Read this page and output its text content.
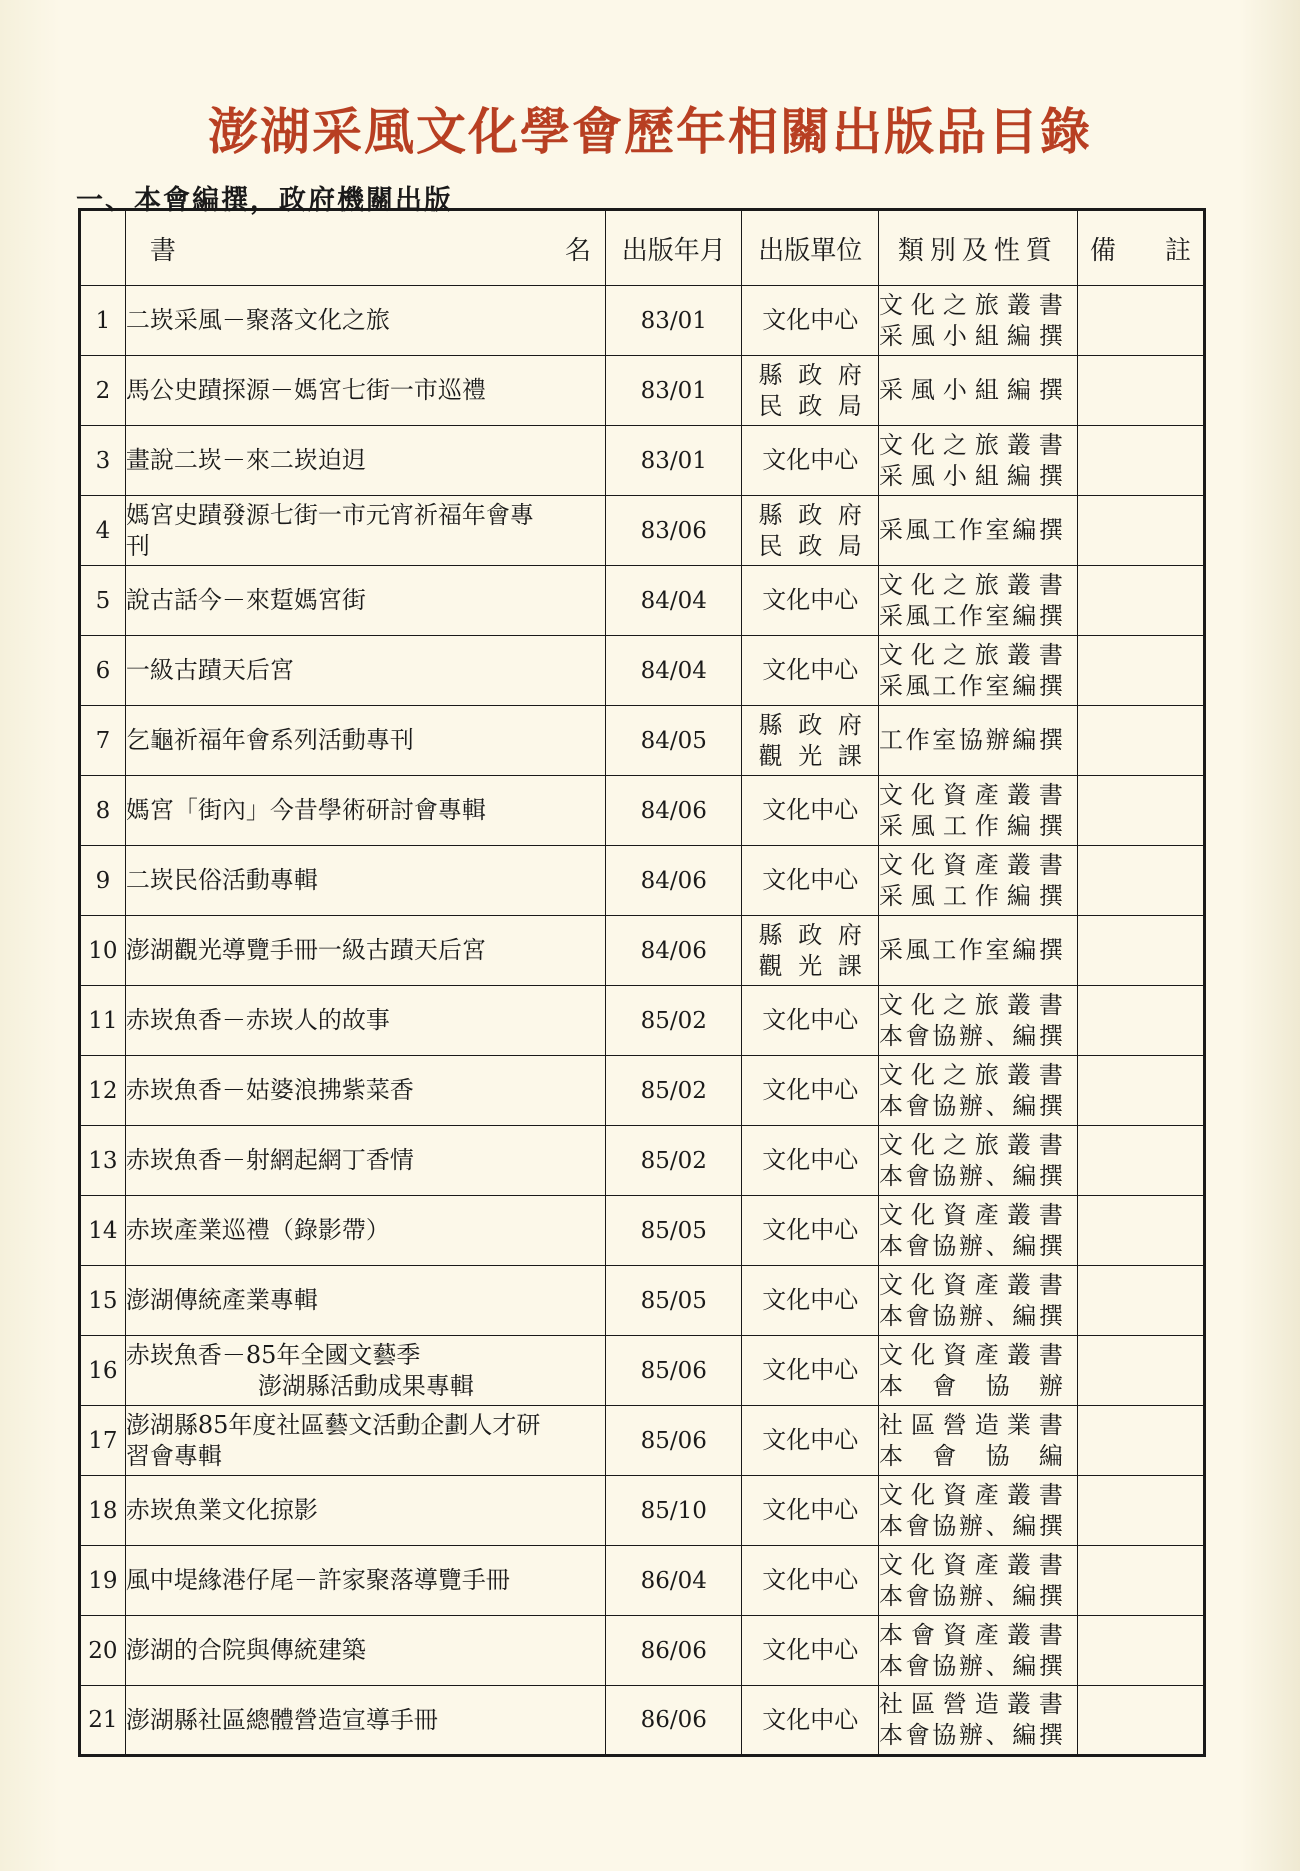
澎湖采風文化學會歷年相關出版品目錄
一、本會編撰，政府機關出版

	書 名	出版年月	出版單位	類別及性質	備 註

1	二崁采風－聚落文化之旅	83/01	文化中心	文化之旅叢書
采風小組編撰	

2	馬公史蹟探源－媽宮七街一市巡禮	83/01	縣政府
民政局	采風小組編撰	

3	畫說二崁－來二崁迫迌	83/01	文化中心	文化之旅叢書
采風小組編撰	

4	媽宮史蹟發源七街一市元宵祈福年會專
刊	83/06	縣政府
民政局	采風工作室編撰	

5	說古話今－來踅媽宮街	84/04	文化中心	文化之旅叢書
采風工作室編撰	

6	一級古蹟天后宮	84/04	文化中心	文化之旅叢書
采風工作室編撰	

7	乞龜祈福年會系列活動專刊	84/05	縣政府
觀光課	工作室協辦編撰	

8	媽宮「街內」今昔學術研討會專輯	84/06	文化中心	文化資產叢書
采風工作編撰	

9	二崁民俗活動專輯	84/06	文化中心	文化資產叢書
采風工作編撰	

10	澎湖觀光導覽手冊一級古蹟天后宮	84/06	縣政府
觀光課	采風工作室編撰	

11	赤崁魚香－赤崁人的故事	85/02	文化中心	文化之旅叢書
本會協辦、編撰	

12	赤崁魚香－姑婆浪拂紫菜香	85/02	文化中心	文化之旅叢書
本會協辦、編撰	

13	赤崁魚香－射網起網丁香情	85/02	文化中心	文化之旅叢書
本會協辦、編撰	

14	赤崁產業巡禮（錄影帶）	85/05	文化中心	文化資產叢書
本會協辦、編撰	

15	澎湖傳統產業專輯	85/05	文化中心	文化資產叢書
本會協辦、編撰	

16	赤崁魚香－85年全國文藝季
澎湖縣活動成果專輯	85/06	文化中心	文化資產叢書
本會協辦	

17	澎湖縣85年度社區藝文活動企劃人才研
習會專輯	85/06	文化中心	社區營造業書
本會協編	

18	赤崁魚業文化掠影	85/10	文化中心	文化資產叢書
本會協辦、編撰	

19	風中堤緣港仔尾－許家聚落導覽手冊	86/04	文化中心	文化資產叢書
本會協辦、編撰	

20	澎湖的合院與傳統建築	86/06	文化中心	本會資產叢書
本會協辦、編撰	

21	澎湖縣社區總體營造宣導手冊	86/06	文化中心	社區營造叢書
本會協辦、編撰	
